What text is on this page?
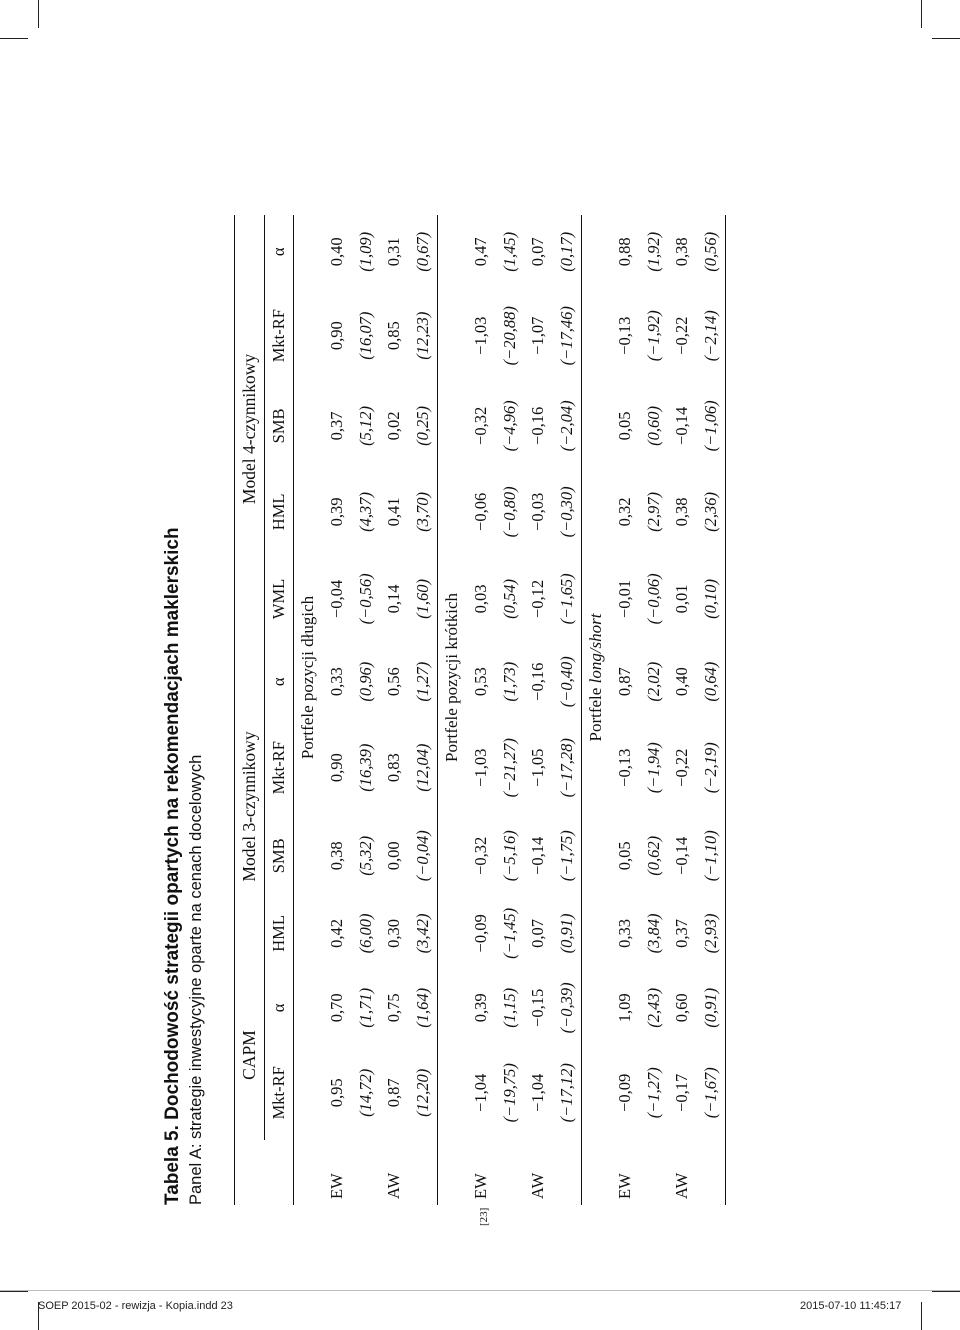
Tabela 5. Dochodowość strategii opartych na rekomendacjach maklerskich Panel A: strategie inwestycyjne oparte na cenach docelowych
	CAPM		Model 3-czynnikowy				Model 4-czynnikowy				
	Mkt-RF	α	HML	SMB	Mkt-RF	α	WML	HML	SMB	Mkt-RF	α
	Portfele pozycji długich										
EW	0,95	0,70	0,42	0,38	0,90	0,33	−0,04	0,39	0,37	0,90	0,40
	(14,72)	(1,71)	(6,00)	(5,32)	(16,39)	(0,96)	(−0,56)	(4,37)	(5,12)	(16,07)	(1,09)
AW	0,87	0,75	0,30	0,00	0,83	0,56	0,14	0,41	0,02	0,85	0,31
	(12,20)	(1,64)	(3,42)	(−0,04)	(12,04)	(1,27)	(1,60)	(3,70)	(0,25)	(12,23)	(0,67)
	Portfele pozycji krótkich										
EW	−1,04	0,39	−0,09	−0,32	−1,03	0,53	0,03	−0,06	−0,32	−1,03	0,47
	(−19,75)	(1,15)	(−1,45)	(−5,16)	(−21,27)	(1,73)	(0,54)	(−0,80)	(−4,96)	(−20,88)	(1,45)
AW	−1,04	−0,15	0,07	−0,14	−1,05	−0,16	−0,12	−0,03	−0,16	−1,07	0,07
	(−17,12)	(−0,39)	(0,91)	(−1,75)	(−17,28)	(−0,40)	(−1,65)	(−0,30)	(−2,04)	(−17,46)	(0,17)
	Portfele long/short										
EW	−0,09	1,09	0,33	0,05	−0,13	0,87	−0,01	0,32	0,05	−0,13	0,88
	(−1,27)	(2,43)	(3,84)	(0,62)	(−1,94)	(2,02)	(−0,06)	(2,97)	(0,60)	(−1,92)	(1,92)
AW	−0,17	0,60	0,37	−0,14	−0,22	0,40	0,01	0,38	−0,14	−0,22	0,38
	(−1,67)	(0,91)	(2,93)	(−1,10)	(−2,19)	(0,64)	(0,10)	(2,36)	(−1,06)	(−2,14)	(0,56)
[23]
SOEP 2015-02 - rewizja - Kopia.indd 23	2015-07-10 11:45:17
